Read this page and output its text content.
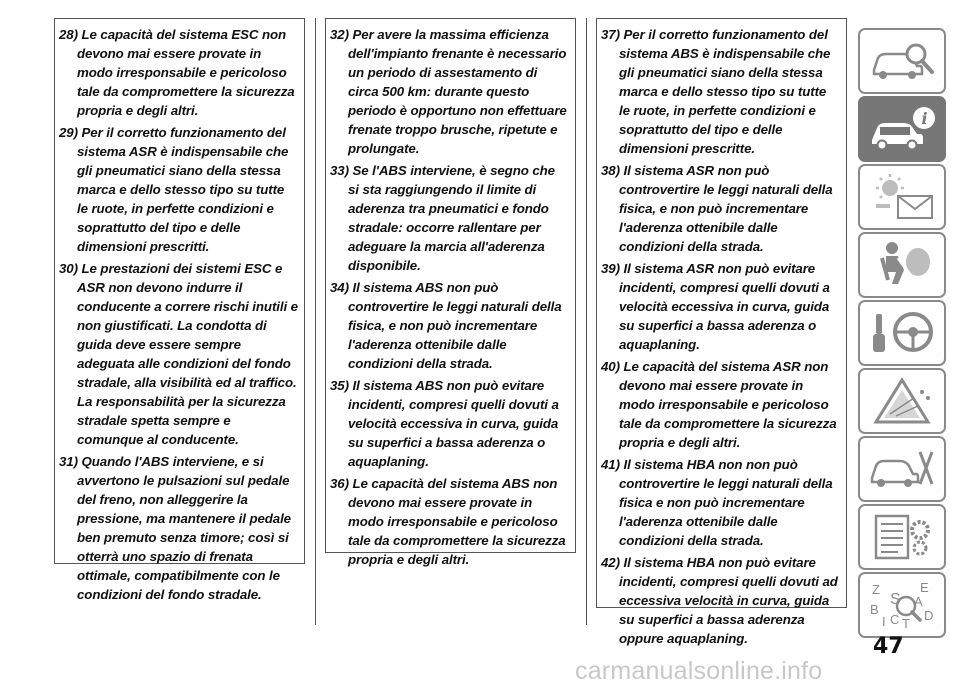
28) Le capacità del sistema ESC non devono mai essere provate in modo irresponsabile e pericoloso tale da compromettere la sicurezza propria e degli altri.

29) Per il corretto funzionamento del sistema ASR è indispensabile che gli pneumatici siano della stessa marca e dello stesso tipo su tutte le ruote, in perfette condizioni e soprattutto del tipo e delle dimensioni prescritti.

30) Le prestazioni dei sistemi ESC e ASR non devono indurre il conducente a correre rischi inutili e non giustificati. La condotta di guida deve essere sempre adeguata alle condizioni del fondo stradale, alla visibilità ed al traffico. La responsabilità per la sicurezza stradale spetta sempre e comunque al conducente.

31) Quando l'ABS interviene, e si avvertono le pulsazioni sul pedale del freno, non alleggerire la pressione, ma mantenere il pedale ben premuto senza timore; così si otterrà uno spazio di frenata ottimale, compatibilmente con le condizioni del fondo stradale.

32) Per avere la massima efficienza dell'impianto frenante è necessario un periodo di assestamento di circa 500 km: durante questo periodo è opportuno non effettuare frenate troppo brusche, ripetute e prolungate.

33) Se l'ABS interviene, è segno che si sta raggiungendo il limite di aderenza tra pneumatici e fondo stradale: occorre rallentare per adeguare la marcia all'aderenza disponibile.

34) Il sistema ABS non può controvertire le leggi naturali della fisica, e non può incrementare l'aderenza ottenibile dalle condizioni della strada.

35) Il sistema ABS non può evitare incidenti, compresi quelli dovuti a velocità eccessiva in curva, guida su superfici a bassa aderenza o aquaplaning.

36) Le capacità del sistema ABS non devono mai essere provate in modo irresponsabile e pericoloso tale da compromettere la sicurezza propria e degli altri.

37) Per il corretto funzionamento del sistema ABS è indispensabile che gli pneumatici siano della stessa marca e dello stesso tipo su tutte le ruote, in perfette condizioni e soprattutto del tipo e delle dimensioni prescritte.

38) Il sistema ASR non può controvertire le leggi naturali della fisica, e non può incrementare l'aderenza ottenibile dalle condizioni della strada.

39) Il sistema ASR non può evitare incidenti, compresi quelli dovuti a velocità eccessiva in curva, guida su superfici a bassa aderenza o aquaplaning.

40) Le capacità del sistema ASR non devono mai essere provate in modo irresponsabile e pericoloso tale da compromettere la sicurezza propria e degli altri.

41) Il sistema HBA non non può controvertire le leggi naturali della fisica e non può incrementare l'aderenza ottenibile dalle condizioni della strada.

42) Il sistema HBA non può evitare incidenti, compresi quelli dovuti ad eccessiva velocità in curva, guida su superfici a bassa aderenza oppure aquaplaning.

i
Z	E
S A
B
C T
D
I
47
carmanualsonline.info
